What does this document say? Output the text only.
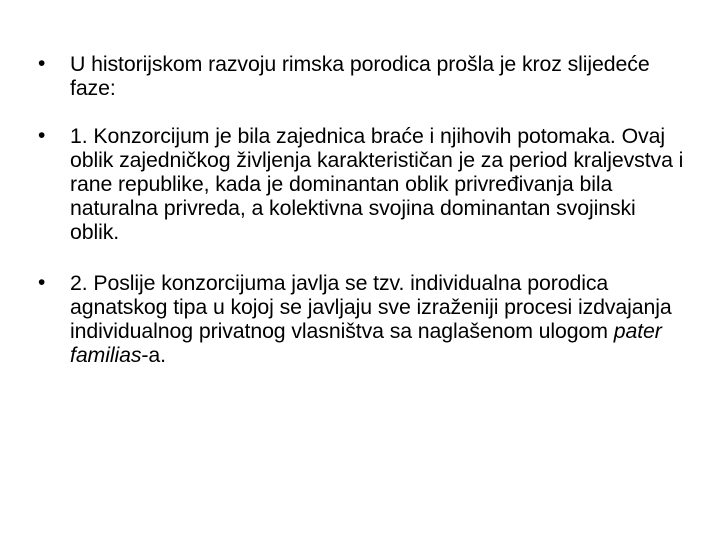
• U historijskom razvoju rimska porodica prošla je kroz slijedeće faze:
• 1. Konzorcijum je bila zajednica braće i njihovih potomaka. Ovaj oblik zajedničkog življenja karakterističan je za period kraljevstva i rane republike, kada je dominantan oblik privređivanja bila naturalna privreda, a kolektivna svojina dominantan svojinski oblik.
• 2. Poslije konzorcijuma javlja se tzv. individualna porodica agnatskog tipa u kojoj se javljaju sve izraženiji procesi izdvajanja individualnog privatnog vlasništva sa naglašenom ulogom pater familias-a.
